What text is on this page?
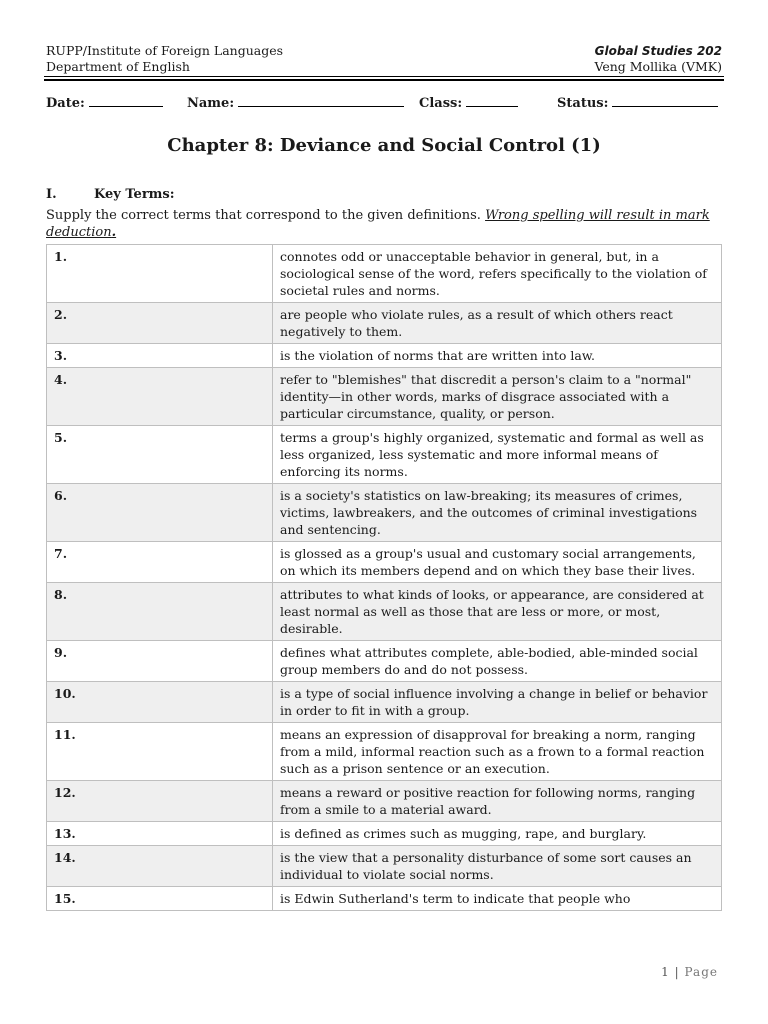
RUPP/Institute of Foreign Languages
Department of English
Global Studies 202
Veng Mollika (VMK)
Date:	Name:	Class:	Status:
Chapter 8: Deviance and Social Control (1)
I.	Key Terms:
Supply the correct terms that correspond to the given definitions. Wrong spelling will result in mark deduction.
1.	connotes odd or unacceptable behavior in general, but, in a sociological sense of the word, refers specifically to the violation of societal rules and norms.
2.	are people who violate rules, as a result of which others react negatively to them.
3.	is the violation of norms that are written into law.
4.	refer to "blemishes" that discredit a person's claim to a "normal" identity—in other words, marks of disgrace associated with a particular circumstance, quality, or person.
5.	terms a group's highly organized, systematic and formal as well as less organized, less systematic and more informal means of enforcing its norms.
6.	is a society's statistics on law-breaking; its measures of crimes, victims, lawbreakers, and the outcomes of criminal investigations and sentencing.
7.	is glossed as a group's usual and customary social arrangements, on which its members depend and on which they base their lives.
8.	attributes to what kinds of looks, or appearance, are considered at least normal as well as those that are less or more, or most, desirable.
9.	defines what attributes complete, able-bodied, able-minded social group members do and do not possess.
10.	is a type of social influence involving a change in belief or behavior in order to fit in with a group.
11.	means an expression of disapproval for breaking a norm, ranging from a mild, informal reaction such as a frown to a formal reaction such as a prison sentence or an execution.
12.	means a reward or positive reaction for following norms, ranging from a smile to a material award.
13.	is defined as crimes such as mugging, rape, and burglary.
14.	is the view that a personality disturbance of some sort causes an individual to violate social norms.
15.	is Edwin Sutherland's term to indicate that people who
1 | Page
